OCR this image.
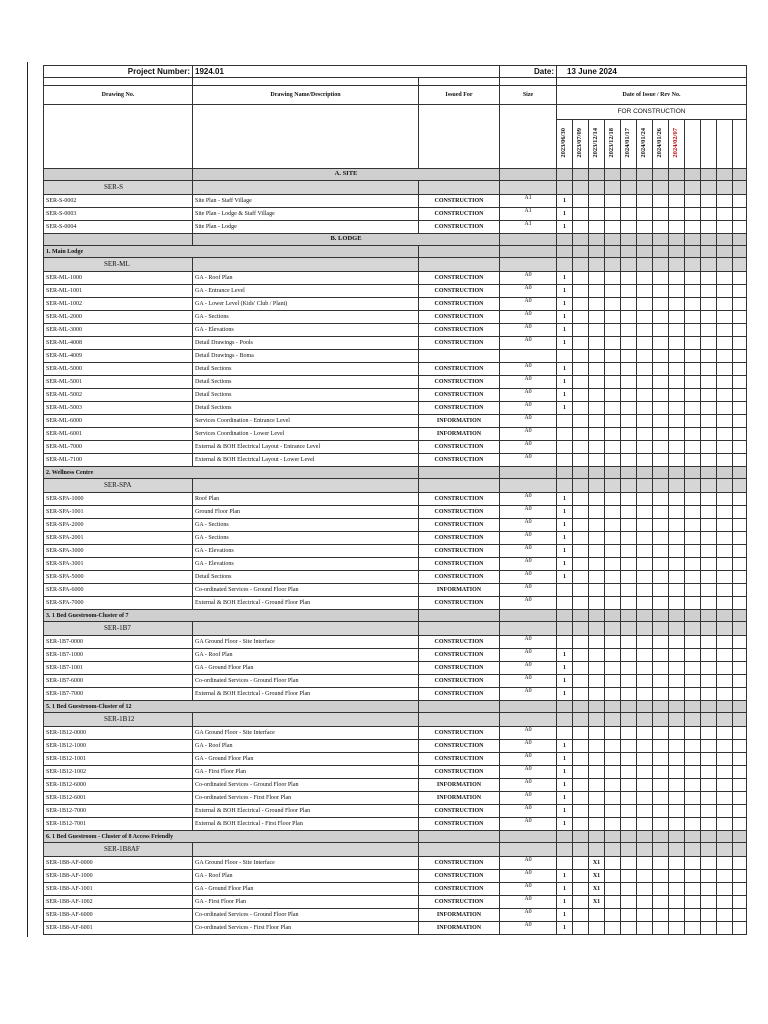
Project Number:	1924.01		Date:	13 June 2024											

Drawing No.	Drawing Name/Description	Issued For	Size	Date of Issue / Rev No.											
				FOR CONSTRUCTION											
				2023/06/30	2023/07/09	2023/12/14	2023/12/18	2024/01/17	2024/01/24	2024/01/26	2024/02/07				
	A. SITE														
SER-S															
SER-S-0002	Site Plan - Staff Village	CONSTRUCTION	A1	1											
SER-S-0003	Site Plan - Lodge & Staff Village	CONSTRUCTION	A1	1											
SER-S-0004	Site Plan - Lodge	CONSTRUCTION	A1	1											
	B. LODGE														
1. Main Lodge															
SER-ML															
SER-ML-1000	GA - Roof Plan	CONSTRUCTION	A0	1											
SER-ML-1001	GA - Entrance Level	CONSTRUCTION	A0	1											
SER-ML-1002	GA - Lower Level (Kids' Club / Plant)	CONSTRUCTION	A0	1											
SER-ML-2000	GA - Sections	CONSTRUCTION	A0	1											
SER-ML-3000	GA - Elevations	CONSTRUCTION	A0	1											
SER-ML-4008	Detail Drawings - Pools	CONSTRUCTION	A0	1											
SER-ML-4009	Detail Drawings - Boma														
SER-ML-5000	Detail Sections	CONSTRUCTION	A0	1											
SER-ML-5001	Detail Sections	CONSTRUCTION	A0	1											
SER-ML-5002	Detail Sections	CONSTRUCTION	A0	1											
SER-ML-5003	Detail Sections	CONSTRUCTION	A0	1											
SER-ML-6000	Services Coordination - Entrance Level	INFORMATION	A0												
SER-ML-6001	Services Coordination - Lower Level	INFORMATION	A0												
SER-ML-7000	External & BOH Electrical Layout - Entrance Level	CONSTRUCTION	A0												
SER-ML-7100	External & BOH Electrical Layout - Lower Level	CONSTRUCTION	A0												
2. Wellness Centre															
SER-SPA															
SER-SPA-1000	Roof Plan	CONSTRUCTION	A0	1											
SER-SPA-1001	Ground Floor Plan	CONSTRUCTION	A0	1											
SER-SPA-2000	GA - Sections	CONSTRUCTION	A0	1											
SER-SPA-2001	GA - Sections	CONSTRUCTION	A0	1											
SER-SPA-3000	GA - Elevations	CONSTRUCTION	A0	1											
SER-SPA-3001	GA - Elevations	CONSTRUCTION	A0	1											
SER-SPA-5000	Detail Sections	CONSTRUCTION	A0	1											
SER-SPA-6000	Co-ordinated Services - Ground Floor Plan	INFORMATION	A0												
SER-SPA-7000	External & BOH Electrical - Ground Floor Plan	CONSTRUCTION	A0												
3. 1 Bed Guestroom-Cluster of 7															
SER-1B7															
SER-1B7-0000	GA Ground Floor - Site Interface	CONSTRUCTION	A0												
SER-1B7-1000	GA - Roof Plan	CONSTRUCTION	A0	1											
SER-1B7-1001	GA - Ground Floor Plan	CONSTRUCTION	A0	1											
SER-1B7-6000	Co-ordinated Services - Ground Floor Plan	CONSTRUCTION	A0	1											
SER-1B7-7000	External & BOH Electrical - Ground Floor Plan	CONSTRUCTION	A0	1											
5. 1 Bed Guestroom-Cluster of 12															
SER-1B12															
SER-1B12-0000	GA Ground Floor - Site Interface	CONSTRUCTION	A0												
SER-1B12-1000	GA - Roof Plan	CONSTRUCTION	A0	1											
SER-1B12-1001	GA - Ground Floor Plan	CONSTRUCTION	A0	1											
SER-1B12-1002	GA - First Floor Plan	CONSTRUCTION	A0	1											
SER-1B12-6000	Co-ordinated Services - Ground Floor Plan	INFORMATION	A0	1											
SER-1B12-6001	Co-ordinated Services - First Floor Plan	INFORMATION	A0	1											
SER-1B12-7000	External & BOH Electrical - Ground Floor Plan	CONSTRUCTION	A0	1											
SER-1B12-7001	External & BOH Electrical - First Floor Plan	CONSTRUCTION	A0	1											
6. 1 Bed Guestroom - Cluster of 8 Access Friendly															
SER-1B8AF															
SER-1B8-AF-0000	GA Ground Floor - Site Interface	CONSTRUCTION	A0			X1									
SER-1B8-AF-1000	GA - Roof Plan	CONSTRUCTION	A0	1		X1									
SER-1B8-AF-1001	GA - Ground Floor Plan	CONSTRUCTION	A0	1		X1									
SER-1B8-AF-1002	GA - First Floor Plan	CONSTRUCTION	A0	1		X1									
SER-1B8-AF-6000	Co-ordinated Services - Ground Floor Plan	INFORMATION	A0	1											
SER-1B8-AF-6001	Co-ordinated Services - First Floor Plan	INFORMATION	A0	1											
